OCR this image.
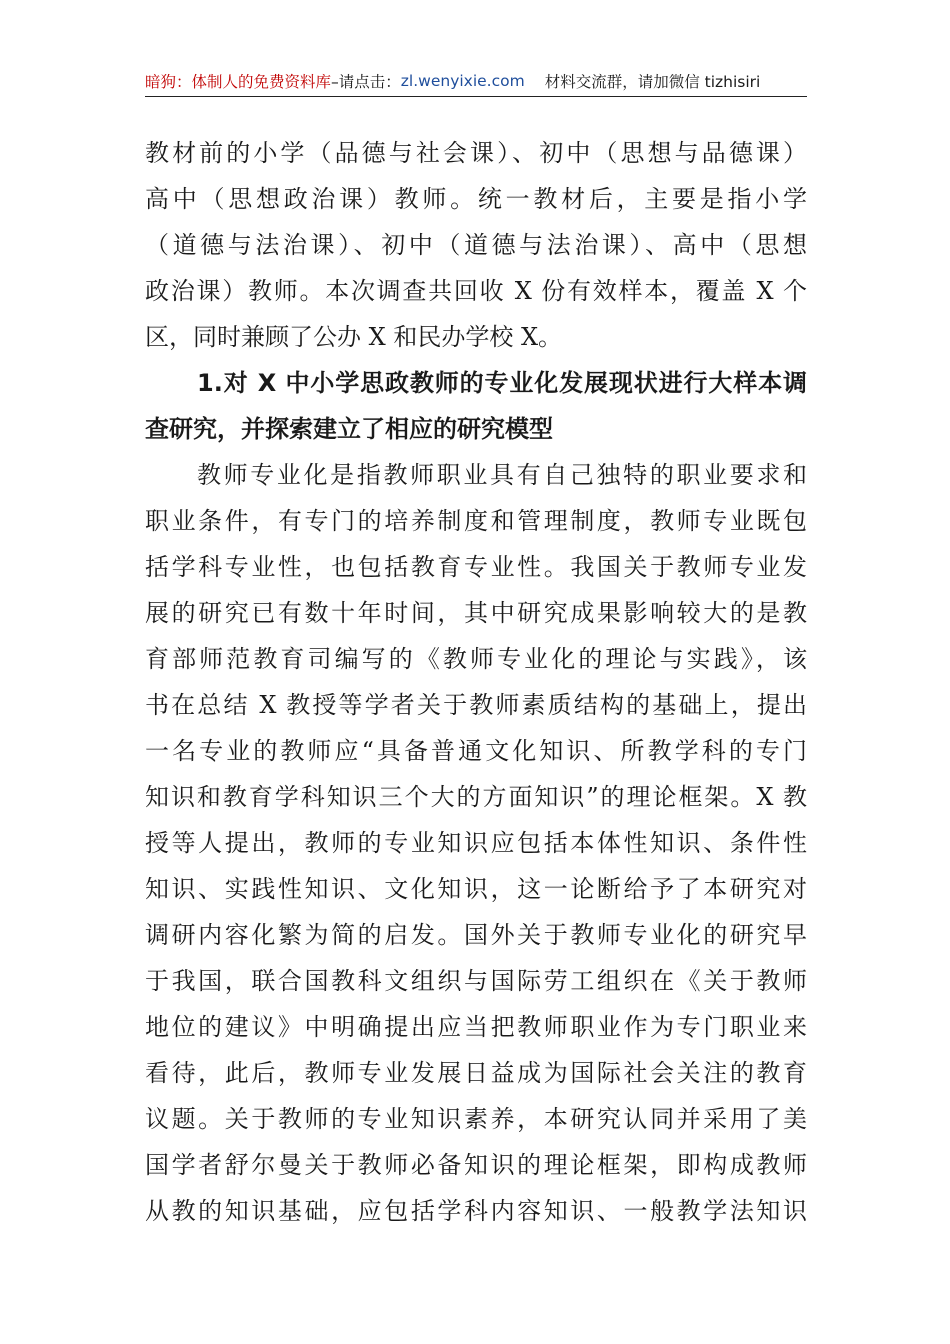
暗狗：体制人的免费资料库 –请点击： zl.wenyixie.com 材料交流群，请加微信 tizhisiri
教材前的小学（品德与社会课）、初中（思想与品德课）
高中（思想政治课）教师。统一教材后，主要是指小学
（道德与法治课）、初中（道德与法治课）、高中（思想
政治课）教师。本次调查共回收 X 份有效样本，覆盖 X 个
区，同时兼顾了公办 X 和民办学校 X。
1.对 X 中小学思政教师的专业化发展现状进行大样本调
查研究，并探索建立了相应的研究模型
教师专业化是指教师职业具有自己独特的职业要求和
职业条件，有专门的培养制度和管理制度，教师专业既包
括学科专业性，也包括教育专业性。我国关于教师专业发
展的研究已有数十年时间，其中研究成果影响较大的是教
育部师范教育司编写的《教师专业化的理论与实践》，该
书在总结 X 教授等学者关于教师素质结构的基础上，提出
一名专业的教师应“具备普通文化知识、所教学科的专门
知识和教育学科知识三个大的方面知识”的理论框架。X 教
授等人提出，教师的专业知识应包括本体性知识、条件性
知识、实践性知识、文化知识，这一论断给予了本研究对
调研内容化繁为简的启发。国外关于教师专业化的研究早
于我国，联合国教科文组织与国际劳工组织在《关于教师
地位的建议》中明确提出应当把教师职业作为专门职业来
看待，此后，教师专业发展日益成为国际社会关注的教育
议题。关于教师的专业知识素养，本研究认同并采用了美
国学者舒尔曼关于教师必备知识的理论框架，即构成教师
从教的知识基础，应包括学科内容知识、一般教学法知识
